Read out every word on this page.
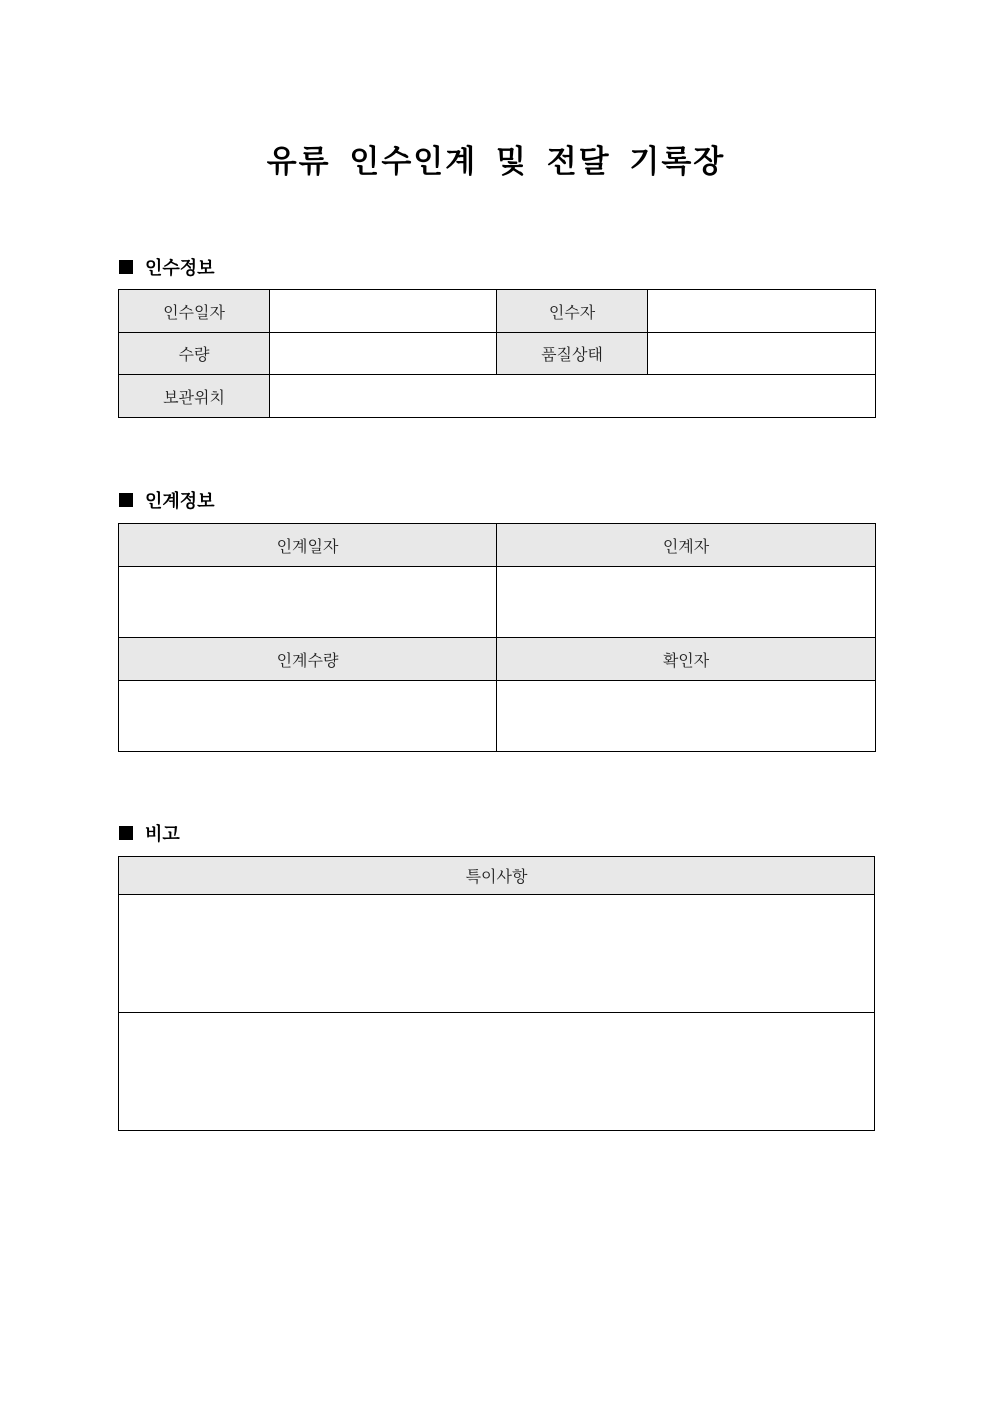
유류 인수인계 및 전달 기록장
인수정보
인수일자		인수자	
수량		품질상태	
보관위치			
인계정보
인계일자	인계자

인계수량	확인자

비고
특이사항
